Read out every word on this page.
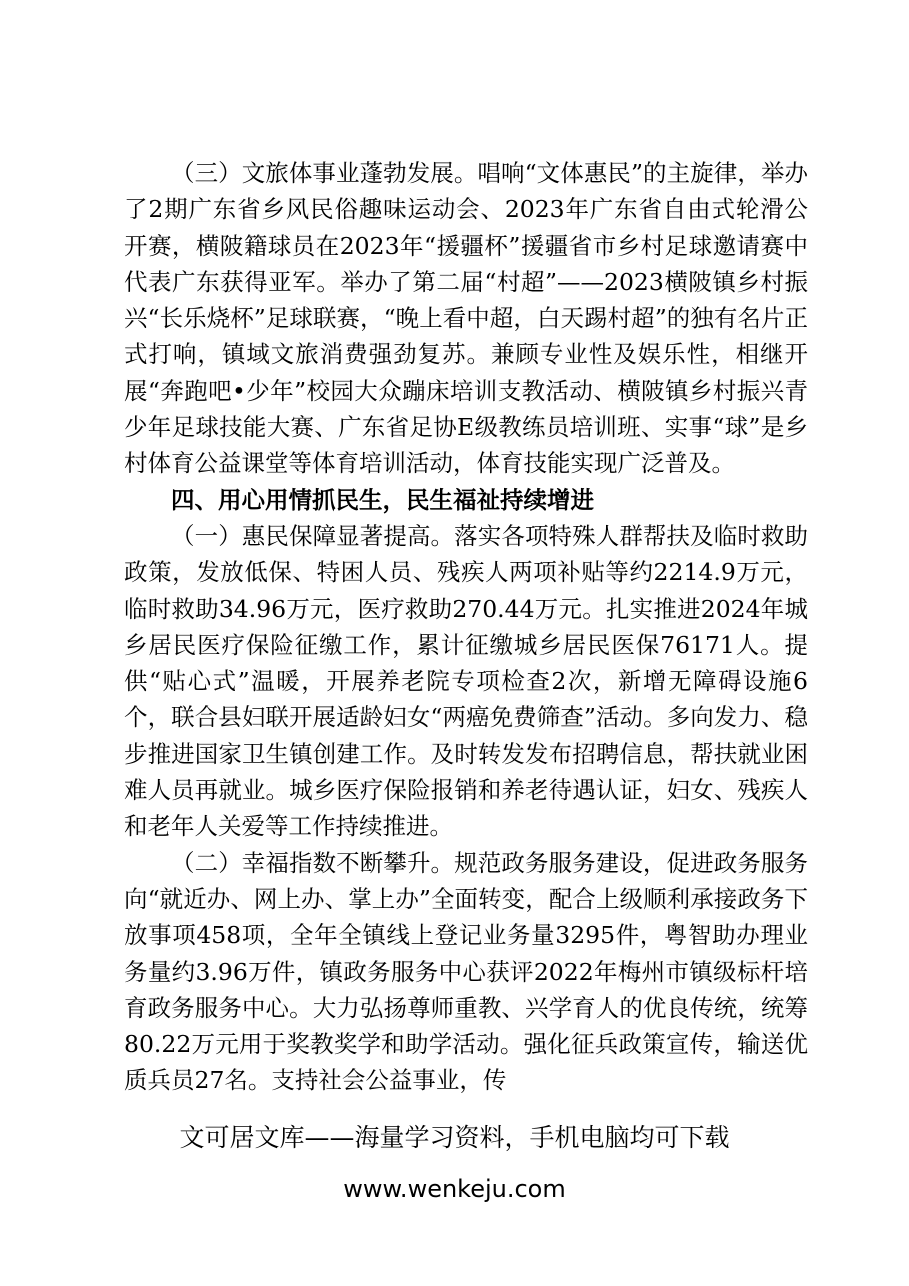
（三）文旅体事业蓬勃发展。唱响“文体惠民”的主旋律，举办了2期广东省乡风民俗趣味运动会、2023年广东省自由式轮滑公开赛，横陂籍球员在2023年“援疆杯”援疆省市乡村足球邀请赛中代表广东获得亚军。举办了第二届“村超”——2023横陂镇乡村振兴“长乐烧杯”足球联赛，“晚上看中超，白天踢村超”的独有名片正式打响，镇域文旅消费强劲复苏。兼顾专业性及娱乐性，相继开展“奔跑吧•少年”校园大众蹦床培训支教活动、横陂镇乡村振兴青少年足球技能大赛、广东省足协E级教练员培训班、实事“球”是乡村体育公益课堂等体育培训活动，体育技能实现广泛普及。

四、用心用情抓民生，民生福祉持续增进

（一）惠民保障显著提高。落实各项特殊人群帮扶及临时救助政策，发放低保、特困人员、残疾人两项补贴等约2214.9万元，临时救助34.96万元，医疗救助270.44万元。扎实推进2024年城乡居民医疗保险征缴工作，累计征缴城乡居民医保76171人。提供“贴心式”温暖，开展养老院专项检查2次，新增无障碍设施6个，联合县妇联开展适龄妇女“两癌免费筛查”活动。多向发力、稳步推进国家卫生镇创建工作。及时转发发布招聘信息，帮扶就业困难人员再就业。城乡医疗保险报销和养老待遇认证，妇女、残疾人和老年人关爱等工作持续推进。

（二）幸福指数不断攀升。规范政务服务建设，促进政务服务向“就近办、网上办、掌上办”全面转变，配合上级顺利承接政务下放事项458项，全年全镇线上登记业务量3295件，粤智助办理业务量约3.96万件，镇政务服务中心获评2022年梅州市镇级标杆培育政务服务中心。大力弘扬尊师重教、兴学育人的优良传统，统筹80.22万元用于奖教奖学和助学活动。强化征兵政策宣传，输送优质兵员27名。支持社会公益事业，传

文可居文库——海量学习资料，手机电脑均可下载
www.wenkeju.com
